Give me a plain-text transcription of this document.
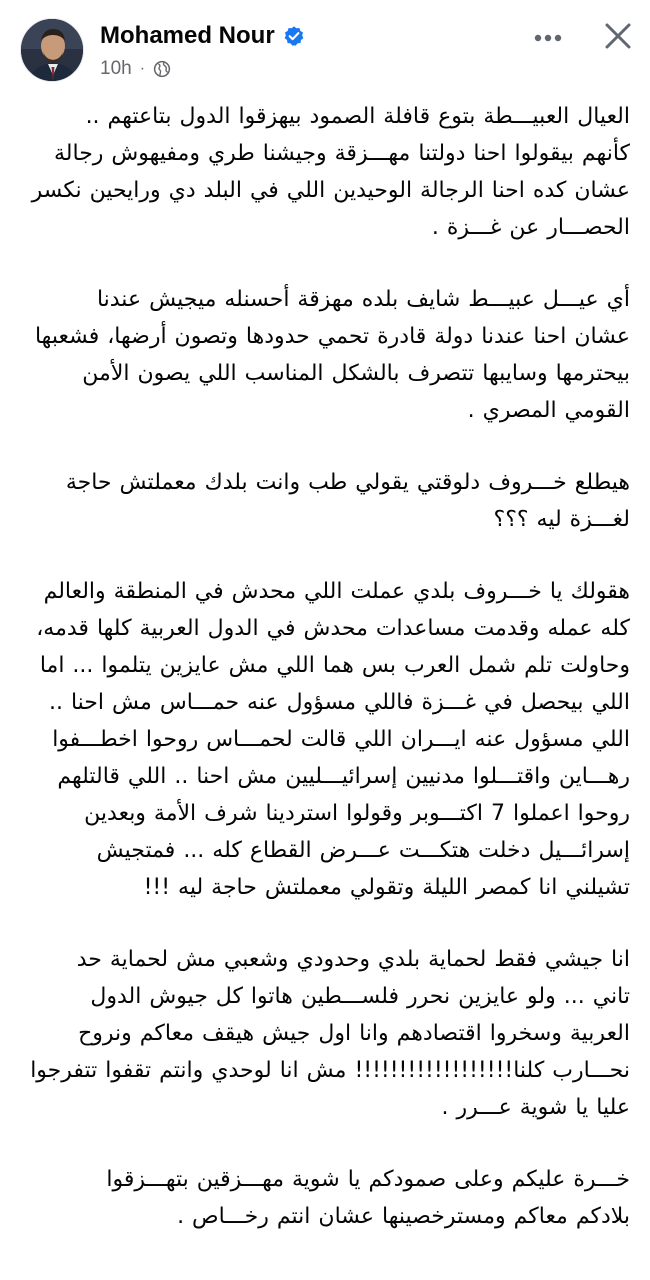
Mohamed Nour
10h ·

العيال العبيـــطة بتوع قافلة الصمود بيهزقوا الدول بتاعتهم ..
كأنهم بيقولوا احنا دولتنا مهـــزقة وجيشنا طري ومفيهوش رجالة
عشان كده احنا الرجالة الوحيدين اللي في البلد دي ورايحين نكسر
الحصـــار عن غـــزة .

أي عيـــل عبيـــط شايف بلده مهزقة أحسنله ميجيش عندنا
عشان احنا عندنا دولة قادرة تحمي حدودها وتصون أرضها، فشعبها
بيحترمها وسايبها تتصرف بالشكل المناسب اللي يصون الأمن
القومي المصري .

هيطلع خـــروف دلوقتي يقولي طب وانت بلدك معملتش حاجة
لغـــزة ليه ؟؟؟

هقولك يا خـــروف بلدي عملت اللي محدش في المنطقة والعالم
كله عمله وقدمت مساعدات محدش في الدول العربية كلها قدمه،
وحاولت تلم شمل العرب بس هما اللي مش عايزين يتلموا ... اما
اللي بيحصل في غـــزة فاللي مسؤول عنه حمـــاس مش احنا ..
اللي مسؤول عنه ايـــران اللي قالت لحمـــاس روحوا اخطـــفوا
رهـــاين واقتـــلوا مدنيين إسرائيـــليين مش احنا .. اللي قالتلهم
روحوا اعملوا 7 اكتـــوبر وقولوا استردينا شرف الأمة وبعدين
إسرائـــيل دخلت هتكـــت عـــرض القطاع كله ... فمتجيش
تشيلني انا كمصر الليلة وتقولي معملتش حاجة ليه !!!

انا جيشي فقط لحماية بلدي وحدودي وشعبي مش لحماية حد
تاني ... ولو عايزين نحرر فلســـطين هاتوا كل جيوش الدول
العربية وسخروا اقتصادهم وانا اول جيش هيقف معاكم ونروح
نحـــارب كلنا!!!!!!!!!!!!!!!!!! مش انا لوحدي وانتم تقفوا تتفرجوا
عليا يا شوية عـــرر .

خـــرة عليكم وعلى صمودكم يا شوية مهـــزقين بتهـــزقوا
بلادكم معاكم ومسترخصينها عشان انتم رخـــاص .
